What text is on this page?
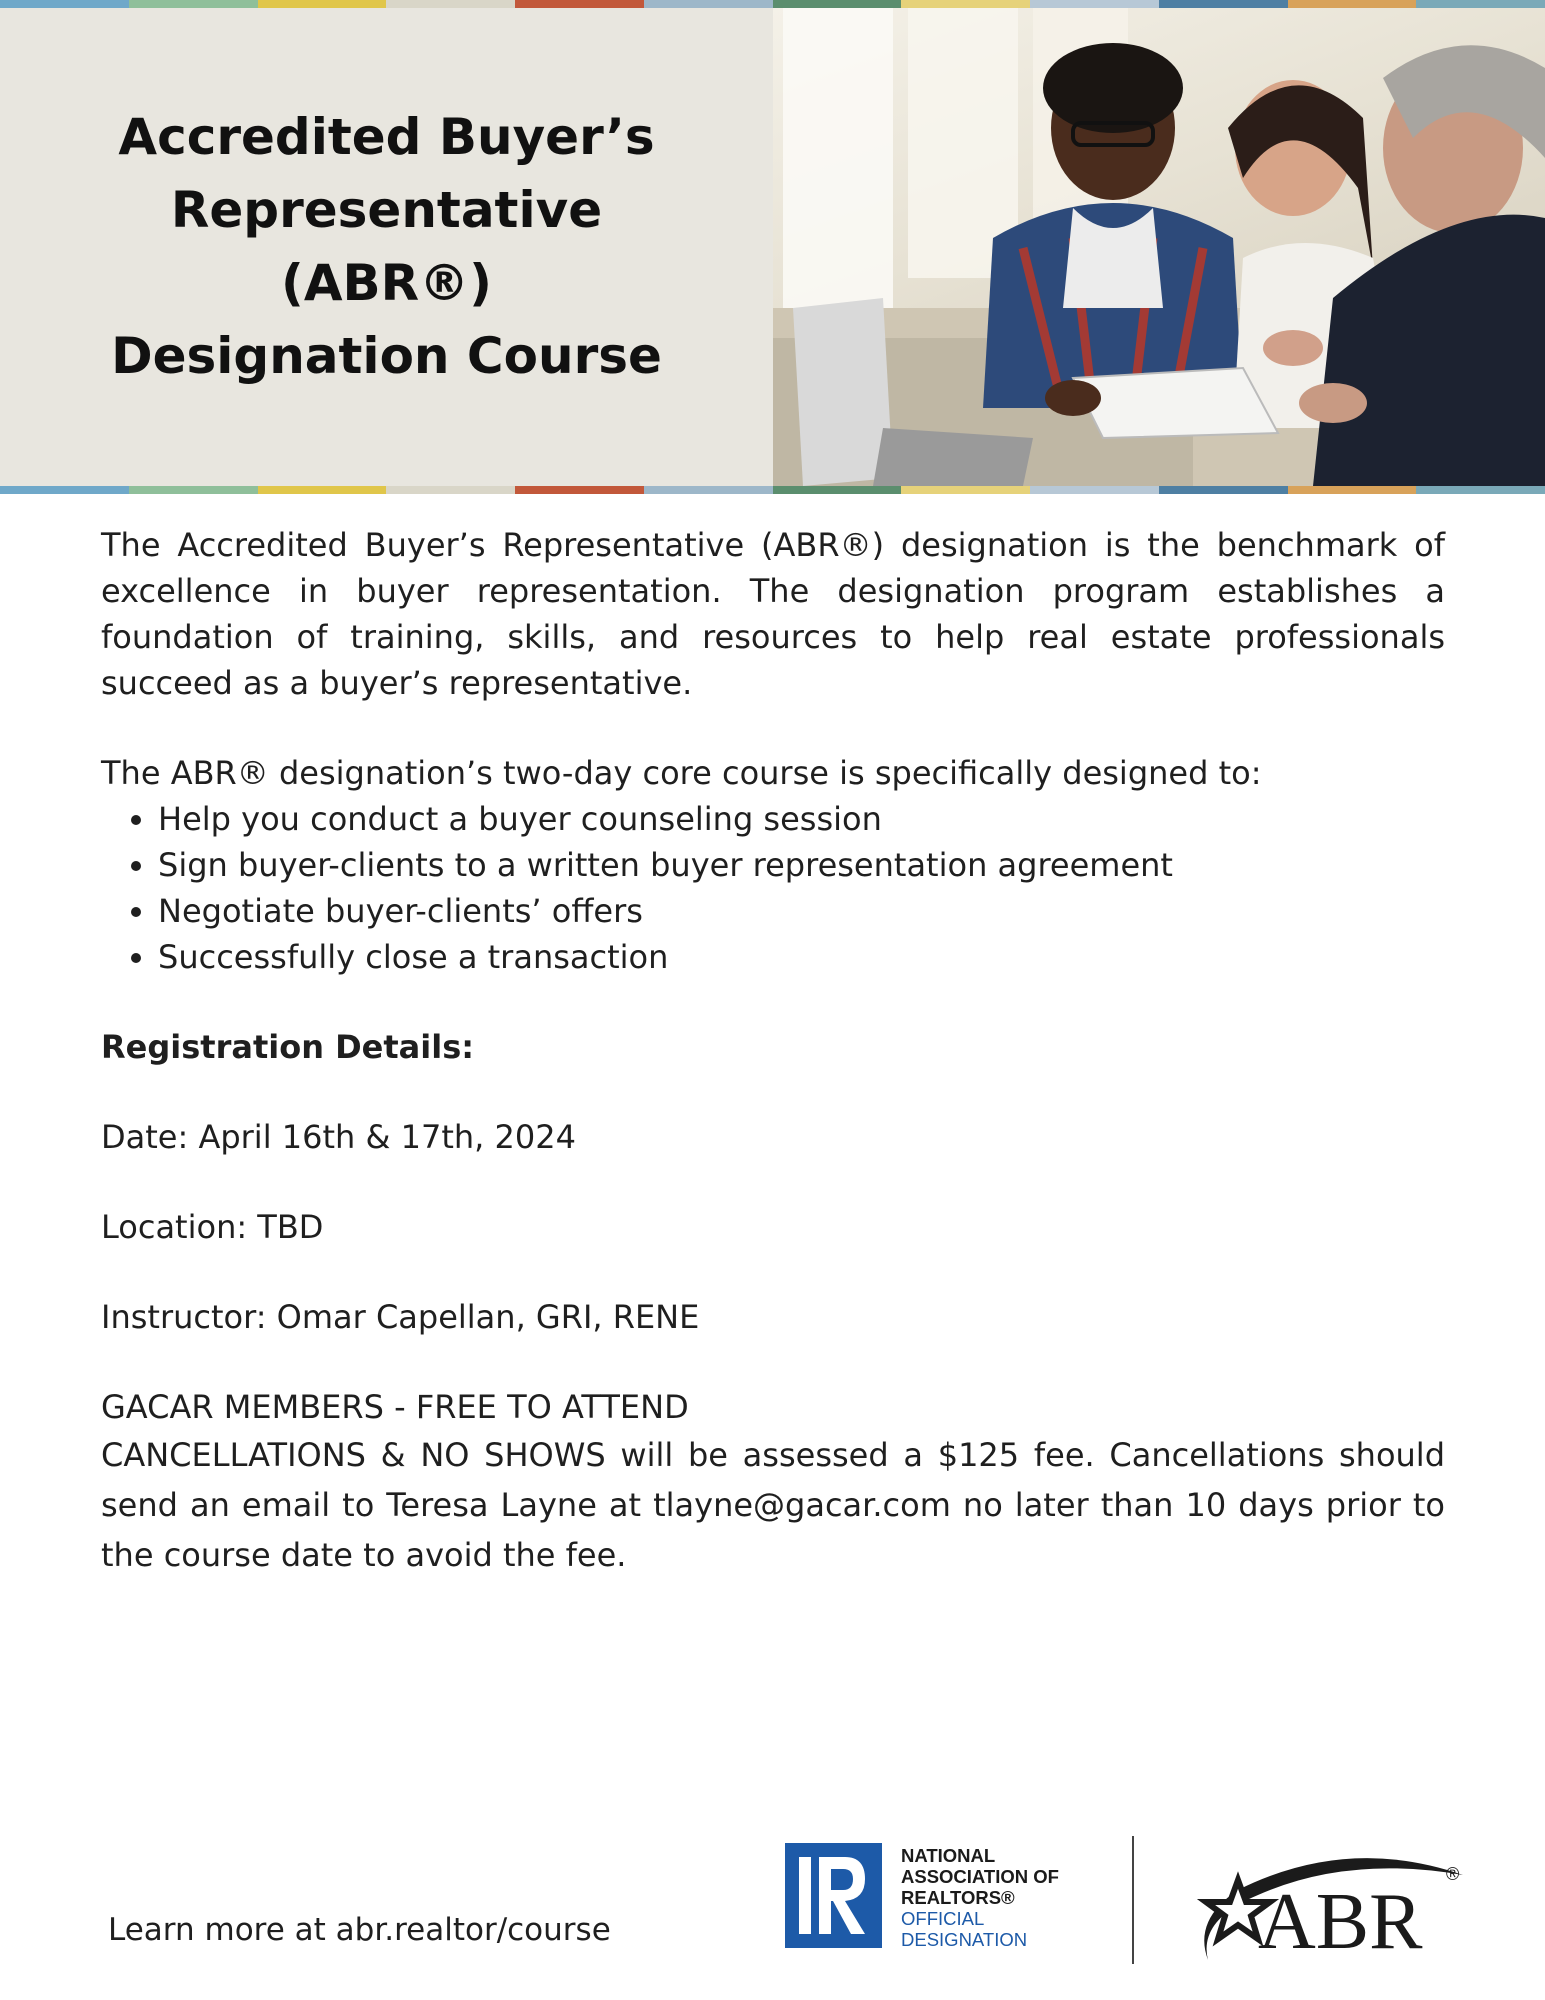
Accredited Buyer’s
Representative (ABR®)
Designation Course

The Accredited Buyer’s Representative (ABR®) designation is the benchmark of excellence in buyer representation. The designation program establishes a foundation of training, skills, and resources to help real estate professionals succeed as a buyer’s representative.

The ABR® designation’s two-day core course is specifically designed to:

• Help you conduct a buyer counseling session
• Sign buyer-clients to a written buyer representation agreement
• Negotiate buyer-clients’ offers
• Successfully close a transaction

Registration Details:

Date: April 16th & 17th, 2024

Location: TBD

Instructor: Omar Capellan, GRI, RENE

GACAR MEMBERS - FREE TO ATTEND

CANCELLATIONS & NO SHOWS will be assessed a $125 fee. Cancellations should send an email to Teresa Layne at tlayne@gacar.com no later than 10 days prior to the course date to avoid the fee.

Learn more at abr.realtor/course
NATIONAL
ASSOCIATION OF
REALTORS®
OFFICIAL
DESIGNATION	ABR
®
